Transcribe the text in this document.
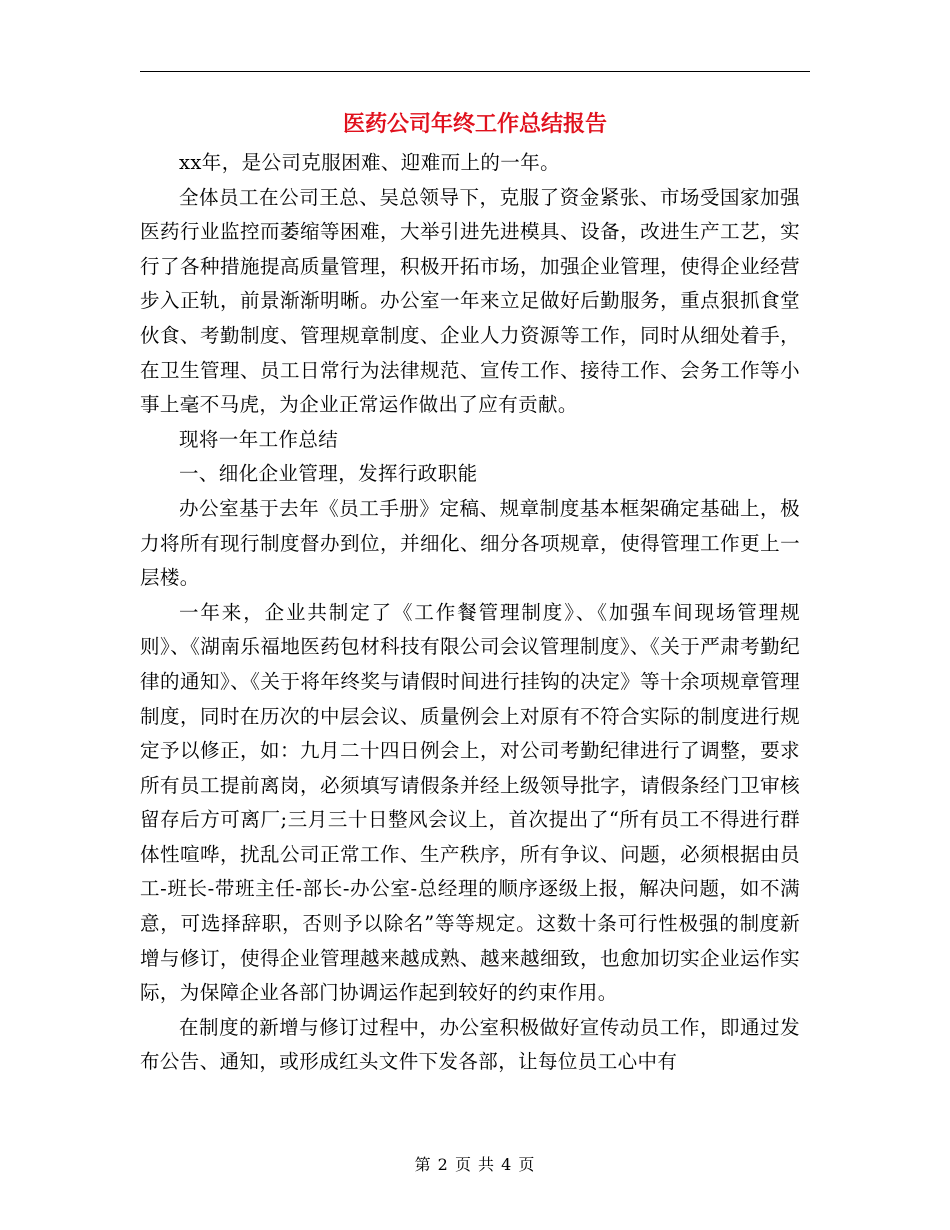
医药公司年终工作总结报告

xx年，是公司克服困难、迎难而上的一年。

全体员工在公司王总、吴总领导下，克服了资金紧张、市场受国家加强医药行业监控而萎缩等困难，大举引进先进模具、设备，改进生产工艺，实行了各种措施提高质量管理，积极开拓市场，加强企业管理，使得企业经营步入正轨，前景渐渐明晰。办公室一年来立足做好后勤服务，重点狠抓食堂伙食、考勤制度、管理规章制度、企业人力资源等工作，同时从细处着手，在卫生管理、员工日常行为法律规范、宣传工作、接待工作、会务工作等小事上毫不马虎，为企业正常运作做出了应有贡献。

现将一年工作总结

一、细化企业管理，发挥行政职能

办公室基于去年《员工手册》定稿、规章制度基本框架确定基础上，极力将所有现行制度督办到位，并细化、细分各项规章，使得管理工作更上一层楼。

一年来，企业共制定了《工作餐管理制度》、《加强车间现场管理规则》、《湖南乐福地医药包材科技有限公司会议管理制度》、《关于严肃考勤纪律的通知》、《关于将年终奖与请假时间进行挂钩的决定》等十余项规章管理制度，同时在历次的中层会议、质量例会上对原有不符合实际的制度进行规定予以修正，如：九月二十四日例会上，对公司考勤纪律进行了调整，要求所有员工提前离岗，必须填写请假条并经上级领导批字，请假条经门卫审核留存后方可离厂;三月三十日整风会议上，首次提出了“所有员工不得进行群体性喧哗，扰乱公司正常工作、生产秩序，所有争议、问题，必须根据由员工-班长-带班主任-部长-办公室-总经理的顺序逐级上报，解决问题，如不满意，可选择辞职，否则予以除名”等等规定。这数十条可行性极强的制度新增与修订，使得企业管理越来越成熟、越来越细致，也愈加切实企业运作实际，为保障企业各部门协调运作起到较好的约束作用。

在制度的新增与修订过程中，办公室积极做好宣传动员工作，即通过发布公告、通知，或形成红头文件下发各部，让每位员工心中有

第 2 页 共 4 页
